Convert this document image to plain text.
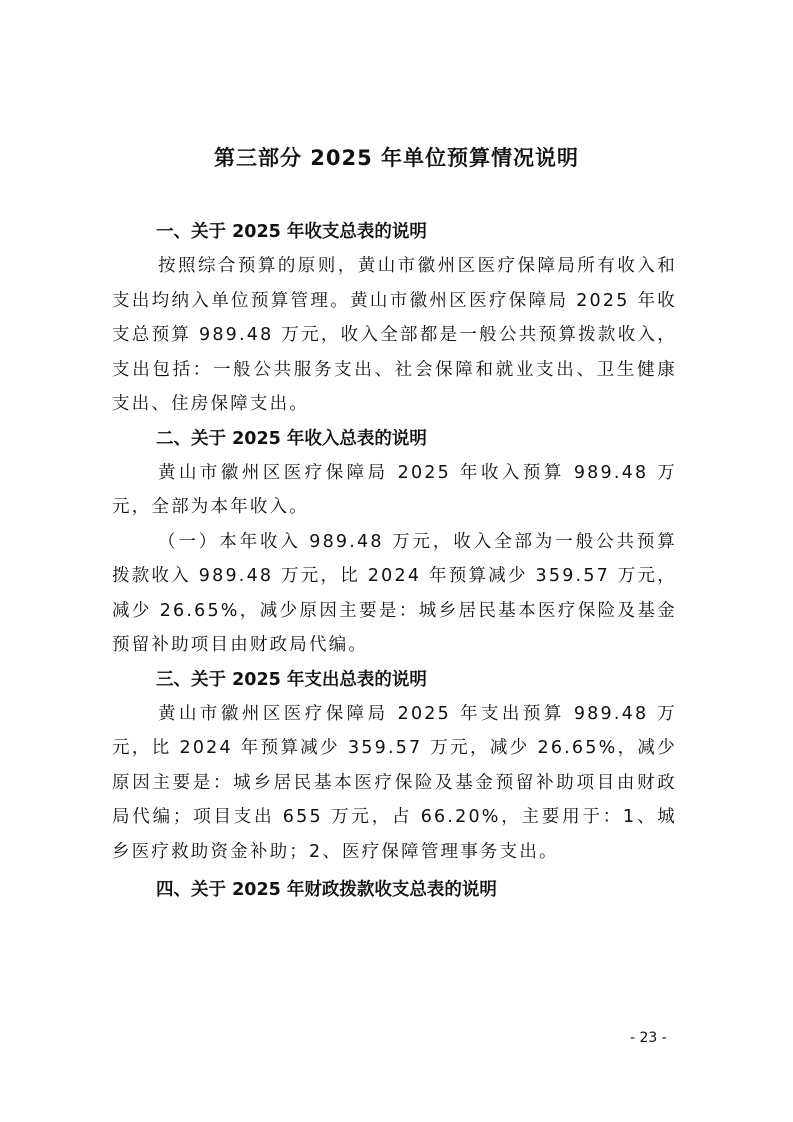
第三部分 2025 年单位预算情况说明
一、关于 2025 年收支总表的说明

按照综合预算的原则，黄山市徽州区医疗保障局所有收入和支出均纳入单位预算管理。黄山市徽州区医疗保障局 2025 年收支总预算 989.48 万元，收入全部都是一般公共预算拨款收入，支出包括：一般公共服务支出、社会保障和就业支出、卫生健康支出、住房保障支出。

二、关于 2025 年收入总表的说明

黄山市徽州区医疗保障局 2025 年收入预算 989.48 万元，全部为本年收入。

（一）本年收入 989.48 万元，收入全部为一般公共预算拨款收入 989.48 万元，比 2024 年预算减少 359.57 万元，减少 26.65%，减少原因主要是：城乡居民基本医疗保险及基金预留补助项目由财政局代编。

三、关于 2025 年支出总表的说明

黄山市徽州区医疗保障局 2025 年支出预算 989.48 万元，比 2024 年预算减少 359.57 万元，减少 26.65%，减少原因主要是：城乡居民基本医疗保险及基金预留补助项目由财政局代编；项目支出 655 万元，占 66.20%，主要用于：1、城乡医疗救助资金补助；2、医疗保障管理事务支出。

四、关于 2025 年财政拨款收支总表的说明
- 23 -
